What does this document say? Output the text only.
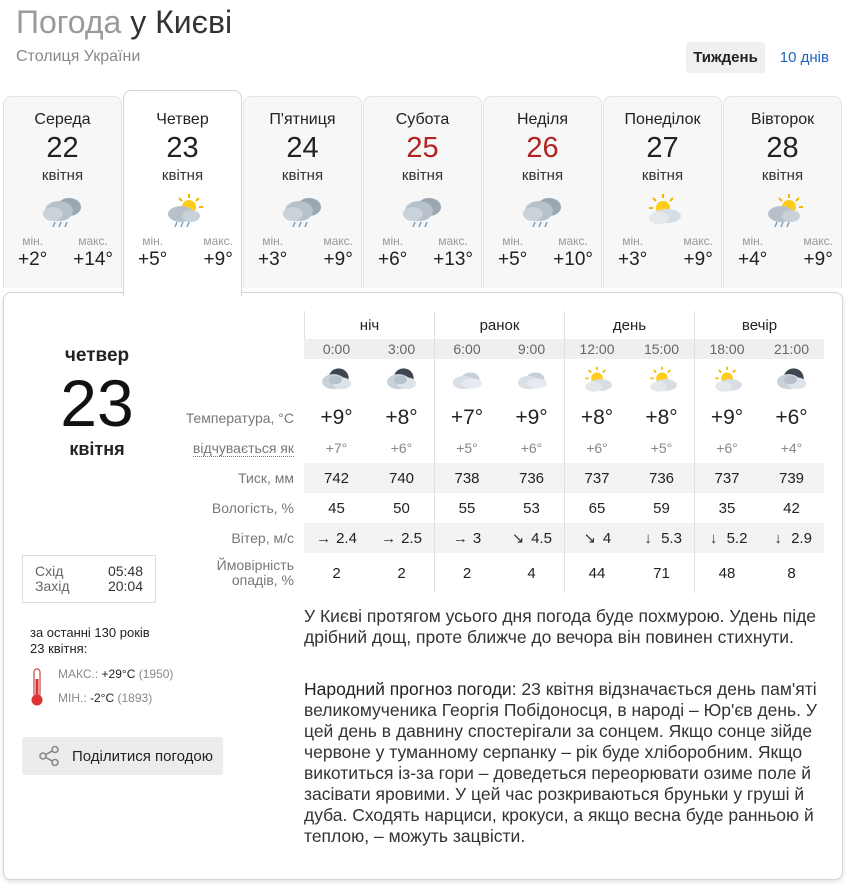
Погода у Києві
Столиця України	Тиждень	10 днів
Середа
22
квітня
мін.
+2°
макс.
+14°
Четвер
23
квітня
мін.
+5°
макс.
+9°
П'ятниця
24
квітня
мін.
+3°
макс.
+9°
Субота
25
квітня
мін.
+6°
макс.
+13°
Неділя
26
квітня
мін.
+5°
макс.
+10°
Понеділок
27
квітня
мін.
+3°
макс.
+9°
Вівторок
28
квітня
мін.
+4°
макс.
+9°
четвер
23
квітня
Схід	05:48
Захід	20:04
за останні 130 років
23 квітня:
МАКС.: +29°С (1950)
МІН.: -2°С (1893)
Поділитися погодою
ніч	ранок	день	вечір
0:00	3:00	6:00	9:00	12:00	15:00	18:00	21:00
Температура, °С	+9°	+8°	+7°	+9°	+8°	+8°	+9°	+6°
відчувається як	+7°	+6°	+5°	+6°	+6°	+5°	+6°	+4°
Тиск, мм	742	740	738	736	737	736	737	739
Вологість, %	45	50	55	53	65	59	35	42
Вітер, м/с	→ 2.4 → 2.5 → 3 ↘ 4.5 ↘ 4 ↓ 5.3 ↓ 5.2 ↓ 2.9
Ймовірність
опадів, %	2	2	2	4	44	71	48	8
У Києві протягом усього дня погода буде похмурою. Удень піде дрібний дощ, проте ближче до вечора він повинен стихнути.
Народний прогноз погоди: 23 квітня відзначається день пам'яті великомученика Георгія Побідоносця, в народі – Юр'єв день. У цей день в давнину спостерігали за сонцем. Якщо сонце зійде червоне у туманному серпанку – рік буде хліборобним. Якщо викотиться із-за гори – доведеться переорювати озиме поле й засівати яровими. У цей час розкриваються бруньки у груші й дуба. Сходять нарциси, крокуси, а якщо весна буде ранньою й теплою, – можуть зацвісти.
